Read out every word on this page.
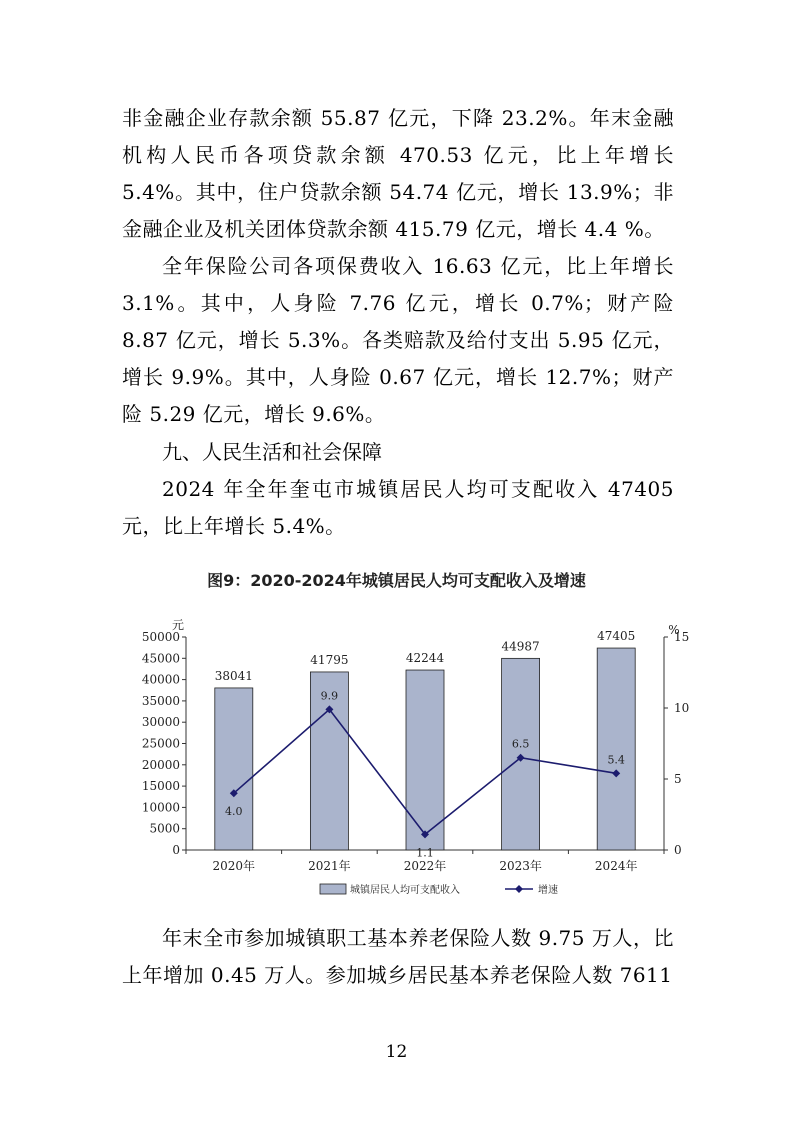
非金融企业存款余额 55.87 亿元，下降 23.2%。年末金融机构人民币各项贷款余额 470.53 亿元，比上年增长 5.4%。其中，住户贷款余额 54.74 亿元，增长 13.9%；非金融企业及机关团体贷款余额 415.79 亿元，增长 4.4 %。

全年保险公司各项保费收入 16.63 亿元，比上年增长 3.1%。其中，人身险 7.76 亿元，增长 0.7%；财产险 8.87 亿元，增长 5.3%。各类赔款及给付支出 5.95 亿元，增长 9.9%。其中，人身险 0.67 亿元，增长 12.7%；财产险 5.29 亿元，增长 9.6%。

九、人民生活和社会保障

2024 年全年奎屯市城镇居民人均可支配收入 47405 元，比上年增长 5.4%。

图9：2020-2024年城镇居民人均可支配收入及增速
0
5000
10000
15000
20000
25000
30000
35000
40000
45000
50000
0
5
10
15
元	%
38041
41795	42244
44987
47405
2020年	2021年	2022年	2023年	2024年
4.0
9.9
1.1
6.5
5.4
城镇居民人均可支配收入	增速

年末全市参加城镇职工基本养老保险人数 9.75 万人，比上年增加 0.45 万人。参加城乡居民基本养老保险人数 7611

12
